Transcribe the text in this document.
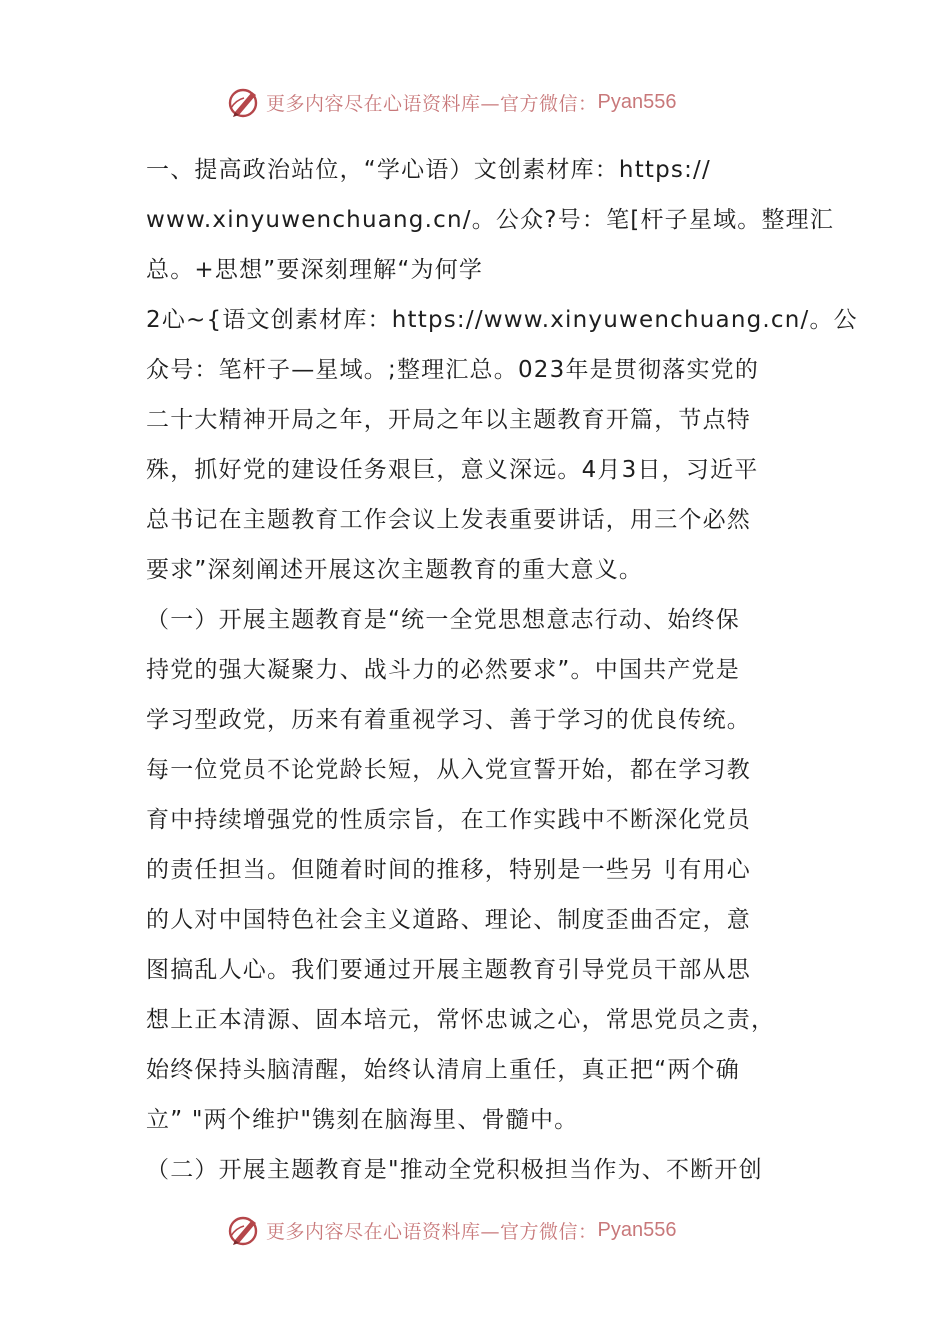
更多内容尽在心语资料库—官方微信： Pyan556
一、提高政治站位，“学心语）文创素材库：https://
www.xinyuwenchuang.cn/。公众?号：笔[杆子星域。整理汇
总。+思想”要深刻理解“为何学
2心~{语文创素材库：https://www.xinyuwenchuang.cn/。公
众号：笔杆子—星域。;整理汇总。023年是贯彻落实党的
二十大精神开局之年，开局之年以主题教育开篇，节点特
殊，抓好党的建设任务艰巨，意义深远。4月3日，习近平
总书记在主题教育工作会议上发表重要讲话，用三个必然
要求”深刻阐述开展这次主题教育的重大意义。
（一）开展主题教育是“统一全党思想意志行动、始终保
持党的强大凝聚力、战斗力的必然要求”。中国共产党是
学习型政党，历来有着重视学习、善于学习的优良传统。
每一位党员不论党龄长短，从入党宣誓开始，都在学习教
育中持续增强党的性质宗旨，在工作实践中不断深化党员
的责任担当。但随着时间的推移，特别是一些另刂有用心
的人对中国特色社会主义道路、理论、制度歪曲否定，意
图搞乱人心。我们要通过开展主题教育引导党员干部从思
想上正本清源、固本培元，常怀忠诚之心，常思党员之责，
始终保持头脑清醒，始终认清肩上重任，真正把“两个确
立” "两个维护"镌刻在脑海里、骨髓中。
（二）开展主题教育是"推动全党积极担当作为、不断开创
更多内容尽在心语资料库—官方微信： Pyan556
